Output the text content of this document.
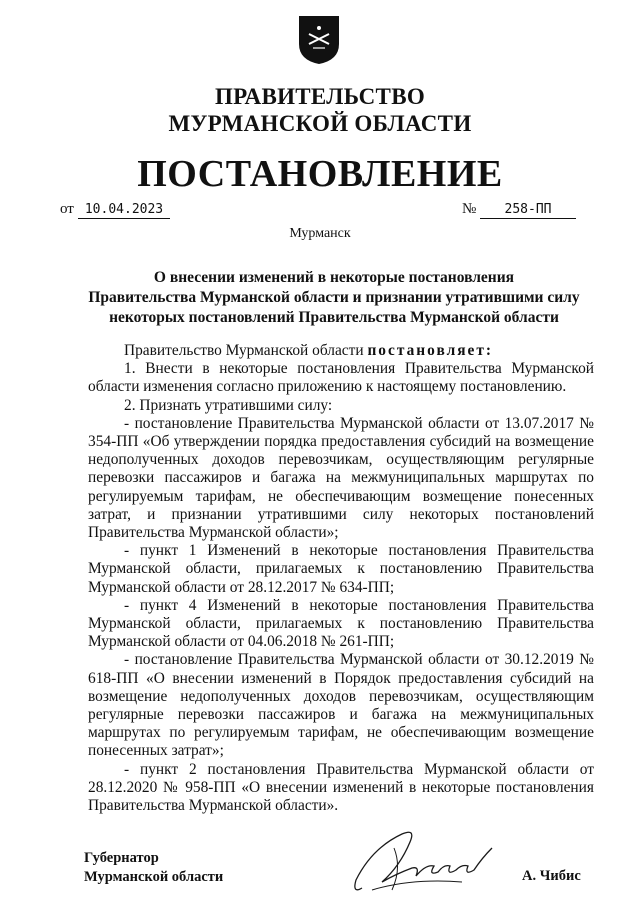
ПРАВИТЕЛЬСТВО
МУРМАНСКОЙ ОБЛАСТИ
ПОСТАНОВЛЕНИЕ
от 10.04.2023	№	258-ПП
Мурманск
О внесении изменений в некоторые постановления
Правительства Мурманской области и признании утратившими силу
некоторых постановлений Правительства Мурманской области

Правительство Мурманской области постановляет:

1. Внести в некоторые постановления Правительства Мурманской области изменения согласно приложению к настоящему постановлению.

2. Признать утратившими силу:

- постановление Правительства Мурманской области от 13.07.2017 № 354-ПП «Об утверждении порядка предоставления субсидий на возмещение недополученных доходов перевозчикам, осуществляющим регулярные перевозки пассажиров и багажа на межмуниципальных маршрутах по регулируемым тарифам, не обеспечивающим возмещение понесенных затрат, и признании утратившими силу некоторых постановлений Правительства Мурманской области»;

- пункт 1 Изменений в некоторые постановления Правительства Мурманской области, прилагаемых к постановлению Правительства Мурманской области от 28.12.2017 № 634-ПП;

- пункт 4 Изменений в некоторые постановления Правительства Мурманской области, прилагаемых к постановлению Правительства Мурманской области от 04.06.2018 № 261-ПП;

- постановление Правительства Мурманской области от 30.12.2019 № 618-ПП «О внесении изменений в Порядок предоставления субсидий на возмещение недополученных доходов перевозчикам, осуществляющим регулярные перевозки пассажиров и багажа на межмуниципальных маршрутах по регулируемым тарифам, не обеспечивающим возмещение понесенных затрат»;

- пункт 2 постановления Правительства Мурманской области от 28.12.2020 № 958-ПП «О внесении изменений в некоторые постановления Правительства Мурманской области».

Губернатор
Мурманской области	А. Чибис
